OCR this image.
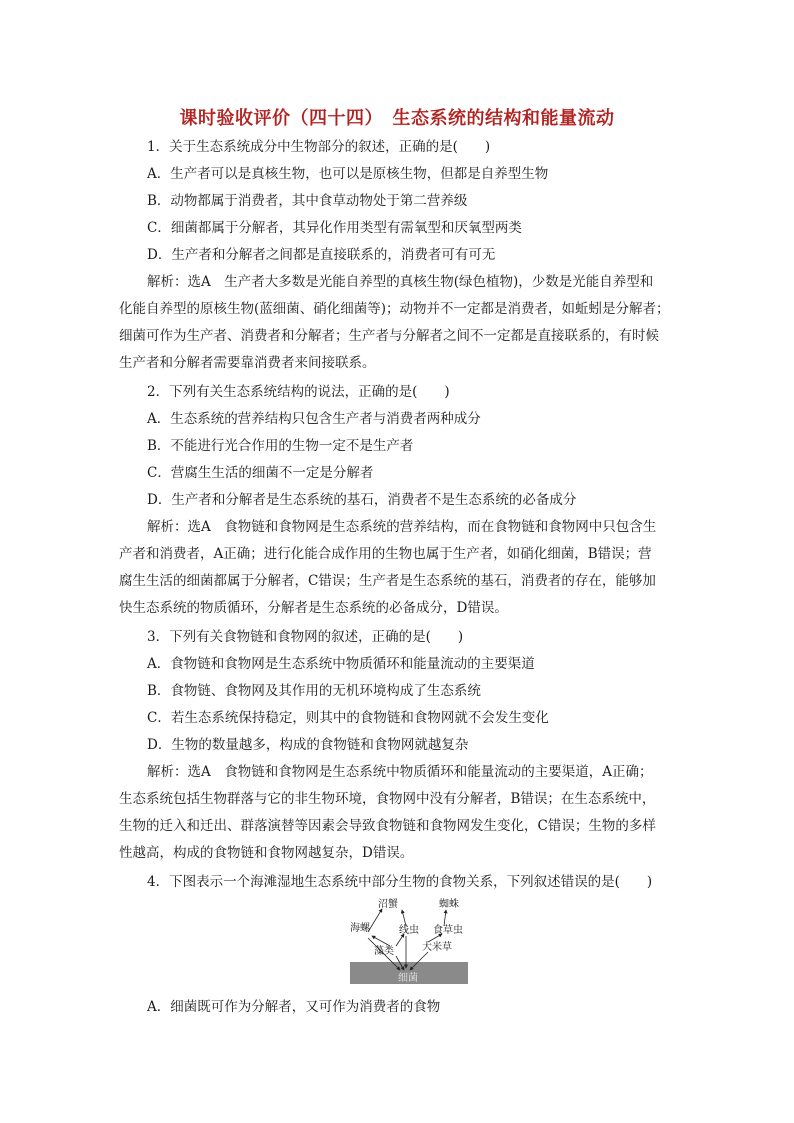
课时验收评价（四十四）　生态系统的结构和能量流动
1．关于生态系统成分中生物部分的叙述，正确的是(　　)
A．生产者可以是真核生物，也可以是原核生物，但都是自养型生物
B．动物都属于消费者，其中食草动物处于第二营养级
C．细菌都属于分解者，其异化作用类型有需氧型和厌氧型两类
D．生产者和分解者之间都是直接联系的，消费者可有可无
解析：选A　生产者大多数是光能自养型的真核生物(绿色植物)，少数是光能自养型和
化能自养型的原核生物(蓝细菌、硝化细菌等)；动物并不一定都是消费者，如蚯蚓是分解者；
细菌可作为生产者、消费者和分解者；生产者与分解者之间不一定都是直接联系的，有时候
生产者和分解者需要靠消费者来间接联系。
2．下列有关生态系统结构的说法，正确的是(　　)
A．生态系统的营养结构只包含生产者与消费者两种成分
B．不能进行光合作用的生物一定不是生产者
C．营腐生生活的细菌不一定是分解者
D．生产者和分解者是生态系统的基石，消费者不是生态系统的必备成分
解析：选A　食物链和食物网是生态系统的营养结构，而在食物链和食物网中只包含生
产者和消费者，A正确；进行化能合成作用的生物也属于生产者，如硝化细菌，B错误；营
腐生生活的细菌都属于分解者，C错误；生产者是生态系统的基石，消费者的存在，能够加
快生态系统的物质循环，分解者是生态系统的必备成分，D错误。
3．下列有关食物链和食物网的叙述，正确的是(　　)
A．食物链和食物网是生态系统中物质循环和能量流动的主要渠道
B．食物链、食物网及其作用的无机环境构成了生态系统
C．若生态系统保持稳定，则其中的食物链和食物网就不会发生变化
D．生物的数量越多，构成的食物链和食物网就越复杂
解析：选A　食物链和食物网是生态系统中物质循环和能量流动的主要渠道，A正确；
生态系统包括生物群落与它的非生物环境，食物网中没有分解者，B错误；在生态系统中，
生物的迁入和迁出、群落演替等因素会导致食物链和食物网发生变化，C错误；生物的多样
性越高，构成的食物链和食物网越复杂，D错误。
4．下图表示一个海滩湿地生态系统中部分生物的食物关系，下列叙述错误的是(　　)
沼蟹	蜘蛛
海螺	线虫 食草虫
藻类	大米草
细菌
A．细菌既可作为分解者，又可作为消费者的食物
